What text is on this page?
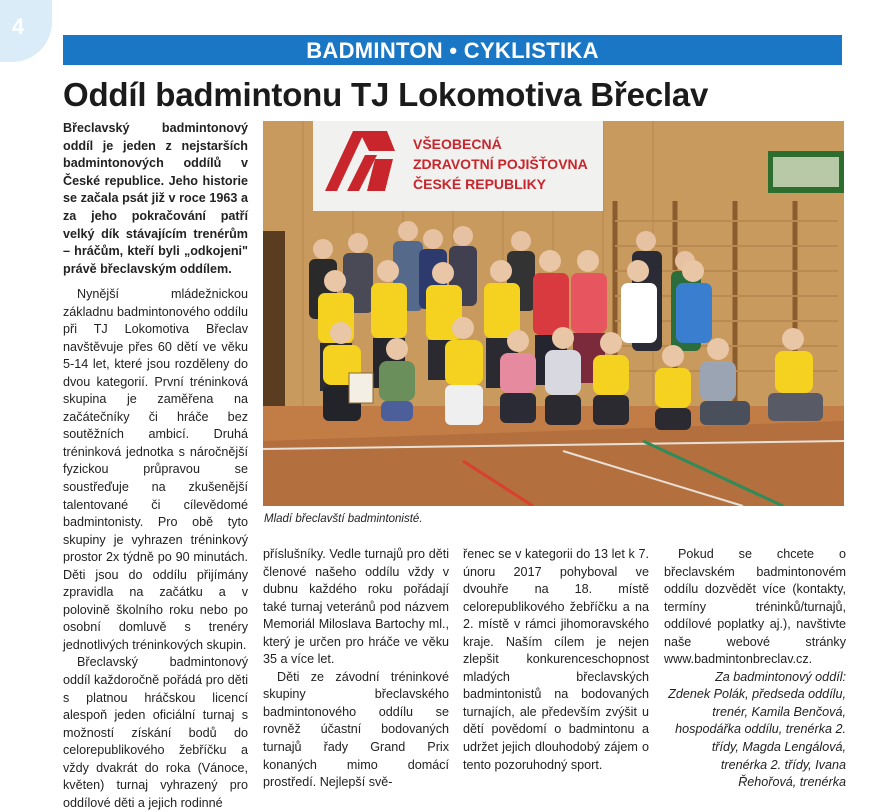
4
BADMINTON • CYKLISTIKA
Oddíl badmintonu TJ Lokomotiva Břeclav
Břeclavský badmintonový oddíl je jeden z nejstarších badmintonových oddílů v České republice. Jeho historie se začala psát již v roce 1963 a za jeho pokračování patří velký dík stávajícím trenérům – hráčům, kteří byli „odkojeni" právě břeclavským oddílem.

Nynější mládežnickou základnu badmintonového oddílu při TJ Lokomotiva Břeclav navštěvuje přes 60 dětí ve věku 5-14 let, které jsou rozděleny do dvou kategorií. První tréninková skupina je zaměřena na začátečníky či hráče bez soutěžních ambicí. Druhá tréninková jednotka s náročnější fyzickou průpravou se soustřeďuje na zkušenější talentované či cílevědomé badmintonisty. Pro obě tyto skupiny je vyhrazen tréninkový prostor 2x týdně po 90 minutách. Děti jsou do oddílu přijímány zpravidla na začátku a v polovině školního roku nebo po osobní domluvě s trenéry jednotlivých tréninkových skupin.

Břeclavský badmintonový oddíl každoročně pořádá pro děti s platnou hráčskou licencí alespoň jeden oficiální turnaj s možností získání bodů do celorepublikového žebříčku a vždy dvakrát do roka (Vánoce, květen) turnaj vyhrazený pro oddílové děti a jejich rodinné

VŠEOBECNÁ
ZDRAVOTNÍ POJIŠŤOVNA
ČESKÉ REPUBLIKY
Mladí břeclavští badmintonisté.

příslušníky. Vedle turnajů pro děti členové našeho oddílu vždy v dubnu každého roku pořádají také turnaj veteránů pod názvem Memoriál Miloslava Bartochy ml., který je určen pro hráče ve věku 35 a více let.

Děti ze závodní tréninkové skupiny břeclavského badmintonového oddílu se rovněž účastní bodovaných turnajů řady Grand Prix konaných mimo domácí prostředí. Nejlepší svě-

řenec se v kategorii do 13 let k 7. únoru 2017 pohyboval ve dvouhře na 18. místě celorepublikového žebříčku a na 2. místě v rámci jihomoravského kraje. Naším cílem je nejen zlepšit konkurenceschopnost mladých břeclavských badmintonistů na bodovaných turnajích, ale především zvýšit u dětí povědomí o badmintonu a udržet jejich dlouhodobý zájem o tento pozoruhodný sport.

Pokud se chcete o břeclavském badmintonovém oddílu dozvědět více (kontakty, termíny tréninků/turnajů, oddílové poplatky aj.), navštivte naše webové stránky www.badmintonbreclav.cz.

Za badmintonový oddíl:
Zdenek Polák, předseda oddílu, trenér, Kamila Benčová, hospodářka oddílu, trenérka 2. třídy, Magda Lengálová, trenérka 2. třídy, Ivana Řehořová, trenérka
